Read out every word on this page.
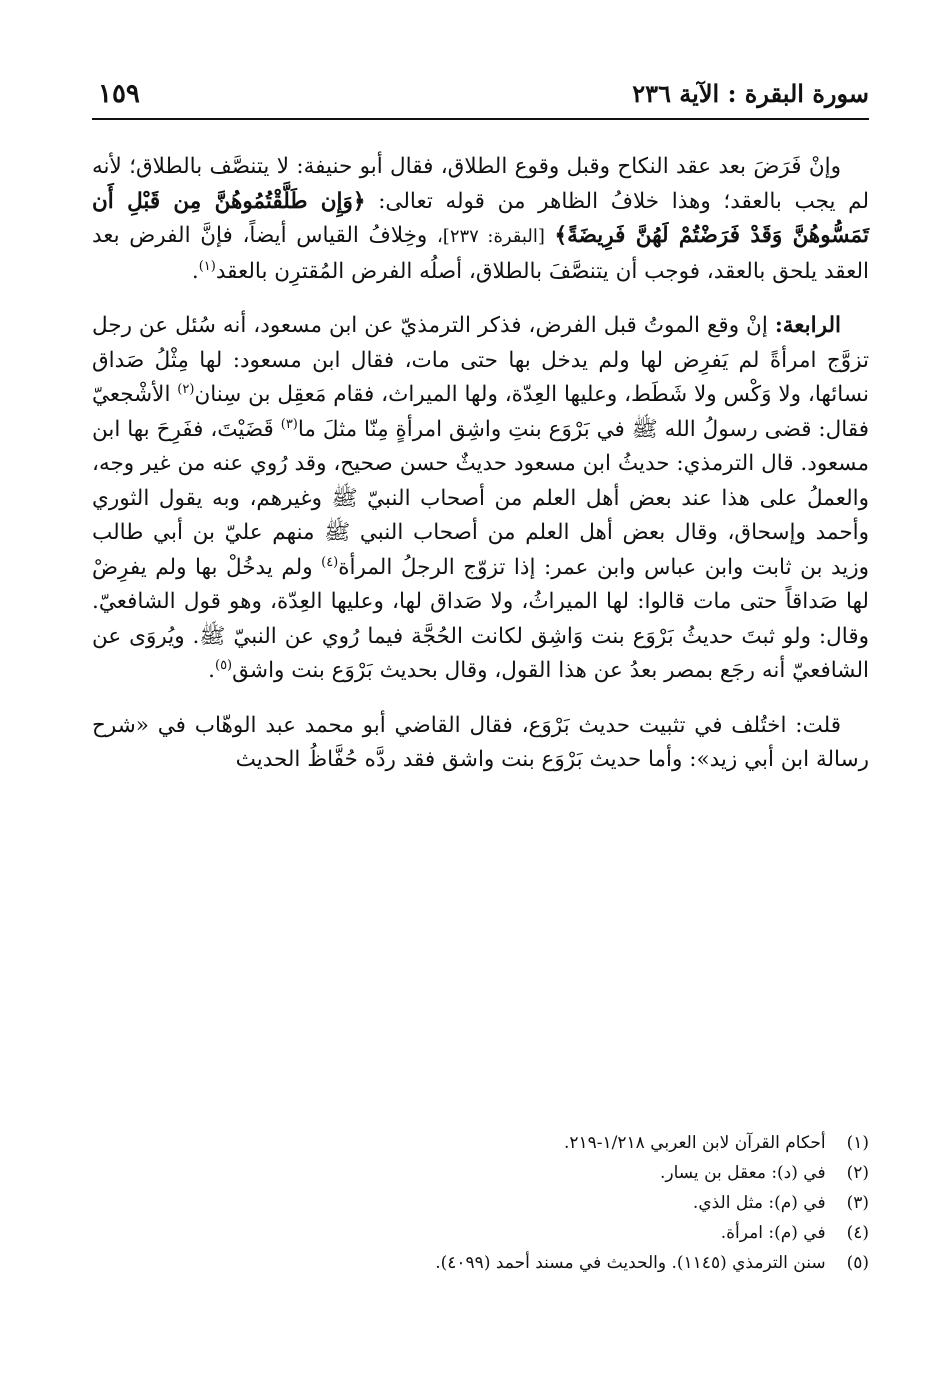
سورة البقرة : الآية ٢٣٦
١٥٩

وإنْ فَرَضَ بعد عقد النكاح وقبل وقوع الطلاق، فقال أبو حنيفة: لا يتنصَّف بالطلاق؛ لأنه لم يجب بالعقد؛ وهذا خلافُ الظاهر من قوله تعالى: ﴿وَإِن طَلَّقْتُمُوهُنَّ مِن قَبْلِ أَن تَمَسُّوهُنَّ وَقَدْ فَرَضْتُمْ لَهُنَّ فَرِيضَةً﴾ [البقرة: ٢٣٧]، وخِلافُ القياس أيضاً، فإنَّ الفرض بعد العقد يلحق بالعقد، فوجب أن يتنصَّفَ بالطلاق، أصلُه الفرض المُقترِن بالعقد$^{(١)}$.

الرابعة: إنْ وقع الموتُ قبل الفرض، فذكر الترمذيّ عن ابن مسعود، أنه سُئل عن رجل تزوَّج امرأةً لم يَفرِض لها ولم يدخل بها حتى مات، فقال ابن مسعود: لها مِثْلُ صَداق نسائها، ولا وَكْس ولا شَطَط، وعليها العِدّة، ولها الميراث، فقام مَعقِل بن سِنان$^{(٢)}$ الأشْجعيّ فقال: قضى رسولُ الله ﷺ في بَرْوَع بنتِ واشِق امرأةٍ مِنّا مثلَ ما$^{(٣)}$ قَضَيْتَ، ففَرِحَ بها ابن مسعود. قال الترمذي: حديثُ ابن مسعود حديثٌ حسن صحيح، وقد رُوي عنه من غير وجه، والعملُ على هذا عند بعض أهل العلم من أصحاب النبيّ ﷺ وغيرهم، وبه يقول الثوري وأحمد وإسحاق، وقال بعض أهل العلم من أصحاب النبي ﷺ منهم عليّ بن أبي طالب وزيد بن ثابت وابن عباس وابن عمر: إذا تزوّج الرجلُ المرأة$^{(٤)}$ ولم يدخُلْ بها ولم يفرِضْ لها صَداقاً حتى مات قالوا: لها الميراثُ، ولا صَداق لها، وعليها العِدّة، وهو قول الشافعيّ. وقال: ولو ثبتَ حديثُ بَرْوَع بنت وَاشِق لكانت الحُجَّة فيما رُوي عن النبيّ ﷺ. ويُروَى عن الشافعيّ أنه رجَع بمصر بعدُ عن هذا القول، وقال بحديث بَرْوَع بنت واشق$^{(٥)}$.

قلت: اختُلف في تثبيت حديث بَرْوَع، فقال القاضي أبو محمد عبد الوهّاب في «شرح رسالة ابن أبي زيد»: وأما حديث بَرْوَع بنت واشق فقد ردَّه حُفَّاظُ الحديث

(١) أحكام القرآن لابن العربي ١/٢١٨-٢١٩.
(٢) في (د): معقل بن يسار.
(٣) في (م): مثل الذي.
(٤) في (م): امرأة.
(٥) سنن الترمذي (١١٤٥). والحديث في مسند أحمد (٤٠٩٩).
